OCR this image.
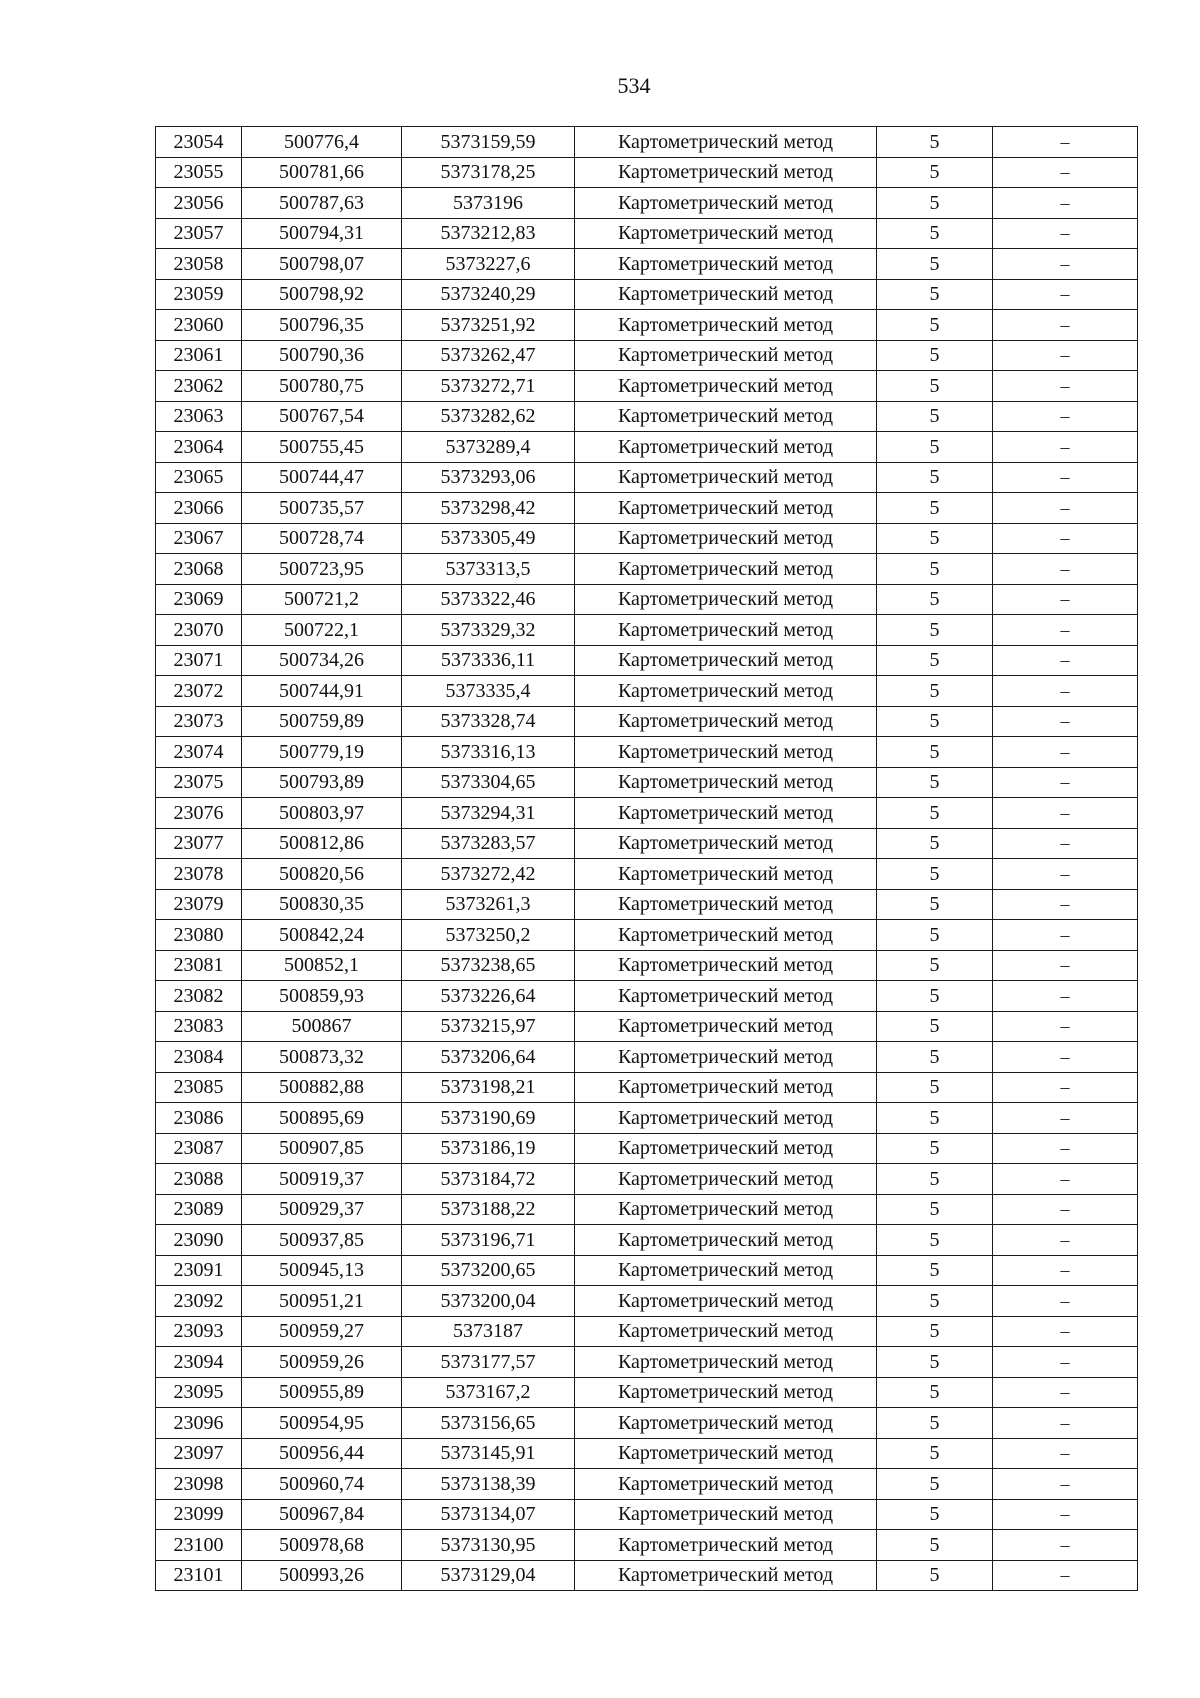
534
23054	500776,4	5373159,59	Картометрический метод	5	–
23055	500781,66	5373178,25	Картометрический метод	5	–
23056	500787,63	5373196	Картометрический метод	5	–
23057	500794,31	5373212,83	Картометрический метод	5	–
23058	500798,07	5373227,6	Картометрический метод	5	–
23059	500798,92	5373240,29	Картометрический метод	5	–
23060	500796,35	5373251,92	Картометрический метод	5	–
23061	500790,36	5373262,47	Картометрический метод	5	–
23062	500780,75	5373272,71	Картометрический метод	5	–
23063	500767,54	5373282,62	Картометрический метод	5	–
23064	500755,45	5373289,4	Картометрический метод	5	–
23065	500744,47	5373293,06	Картометрический метод	5	–
23066	500735,57	5373298,42	Картометрический метод	5	–
23067	500728,74	5373305,49	Картометрический метод	5	–
23068	500723,95	5373313,5	Картометрический метод	5	–
23069	500721,2	5373322,46	Картометрический метод	5	–
23070	500722,1	5373329,32	Картометрический метод	5	–
23071	500734,26	5373336,11	Картометрический метод	5	–
23072	500744,91	5373335,4	Картометрический метод	5	–
23073	500759,89	5373328,74	Картометрический метод	5	–
23074	500779,19	5373316,13	Картометрический метод	5	–
23075	500793,89	5373304,65	Картометрический метод	5	–
23076	500803,97	5373294,31	Картометрический метод	5	–
23077	500812,86	5373283,57	Картометрический метод	5	–
23078	500820,56	5373272,42	Картометрический метод	5	–
23079	500830,35	5373261,3	Картометрический метод	5	–
23080	500842,24	5373250,2	Картометрический метод	5	–
23081	500852,1	5373238,65	Картометрический метод	5	–
23082	500859,93	5373226,64	Картометрический метод	5	–
23083	500867	5373215,97	Картометрический метод	5	–
23084	500873,32	5373206,64	Картометрический метод	5	–
23085	500882,88	5373198,21	Картометрический метод	5	–
23086	500895,69	5373190,69	Картометрический метод	5	–
23087	500907,85	5373186,19	Картометрический метод	5	–
23088	500919,37	5373184,72	Картометрический метод	5	–
23089	500929,37	5373188,22	Картометрический метод	5	–
23090	500937,85	5373196,71	Картометрический метод	5	–
23091	500945,13	5373200,65	Картометрический метод	5	–
23092	500951,21	5373200,04	Картометрический метод	5	–
23093	500959,27	5373187	Картометрический метод	5	–
23094	500959,26	5373177,57	Картометрический метод	5	–
23095	500955,89	5373167,2	Картометрический метод	5	–
23096	500954,95	5373156,65	Картометрический метод	5	–
23097	500956,44	5373145,91	Картометрический метод	5	–
23098	500960,74	5373138,39	Картометрический метод	5	–
23099	500967,84	5373134,07	Картометрический метод	5	–
23100	500978,68	5373130,95	Картометрический метод	5	–
23101	500993,26	5373129,04	Картометрический метод	5	–
